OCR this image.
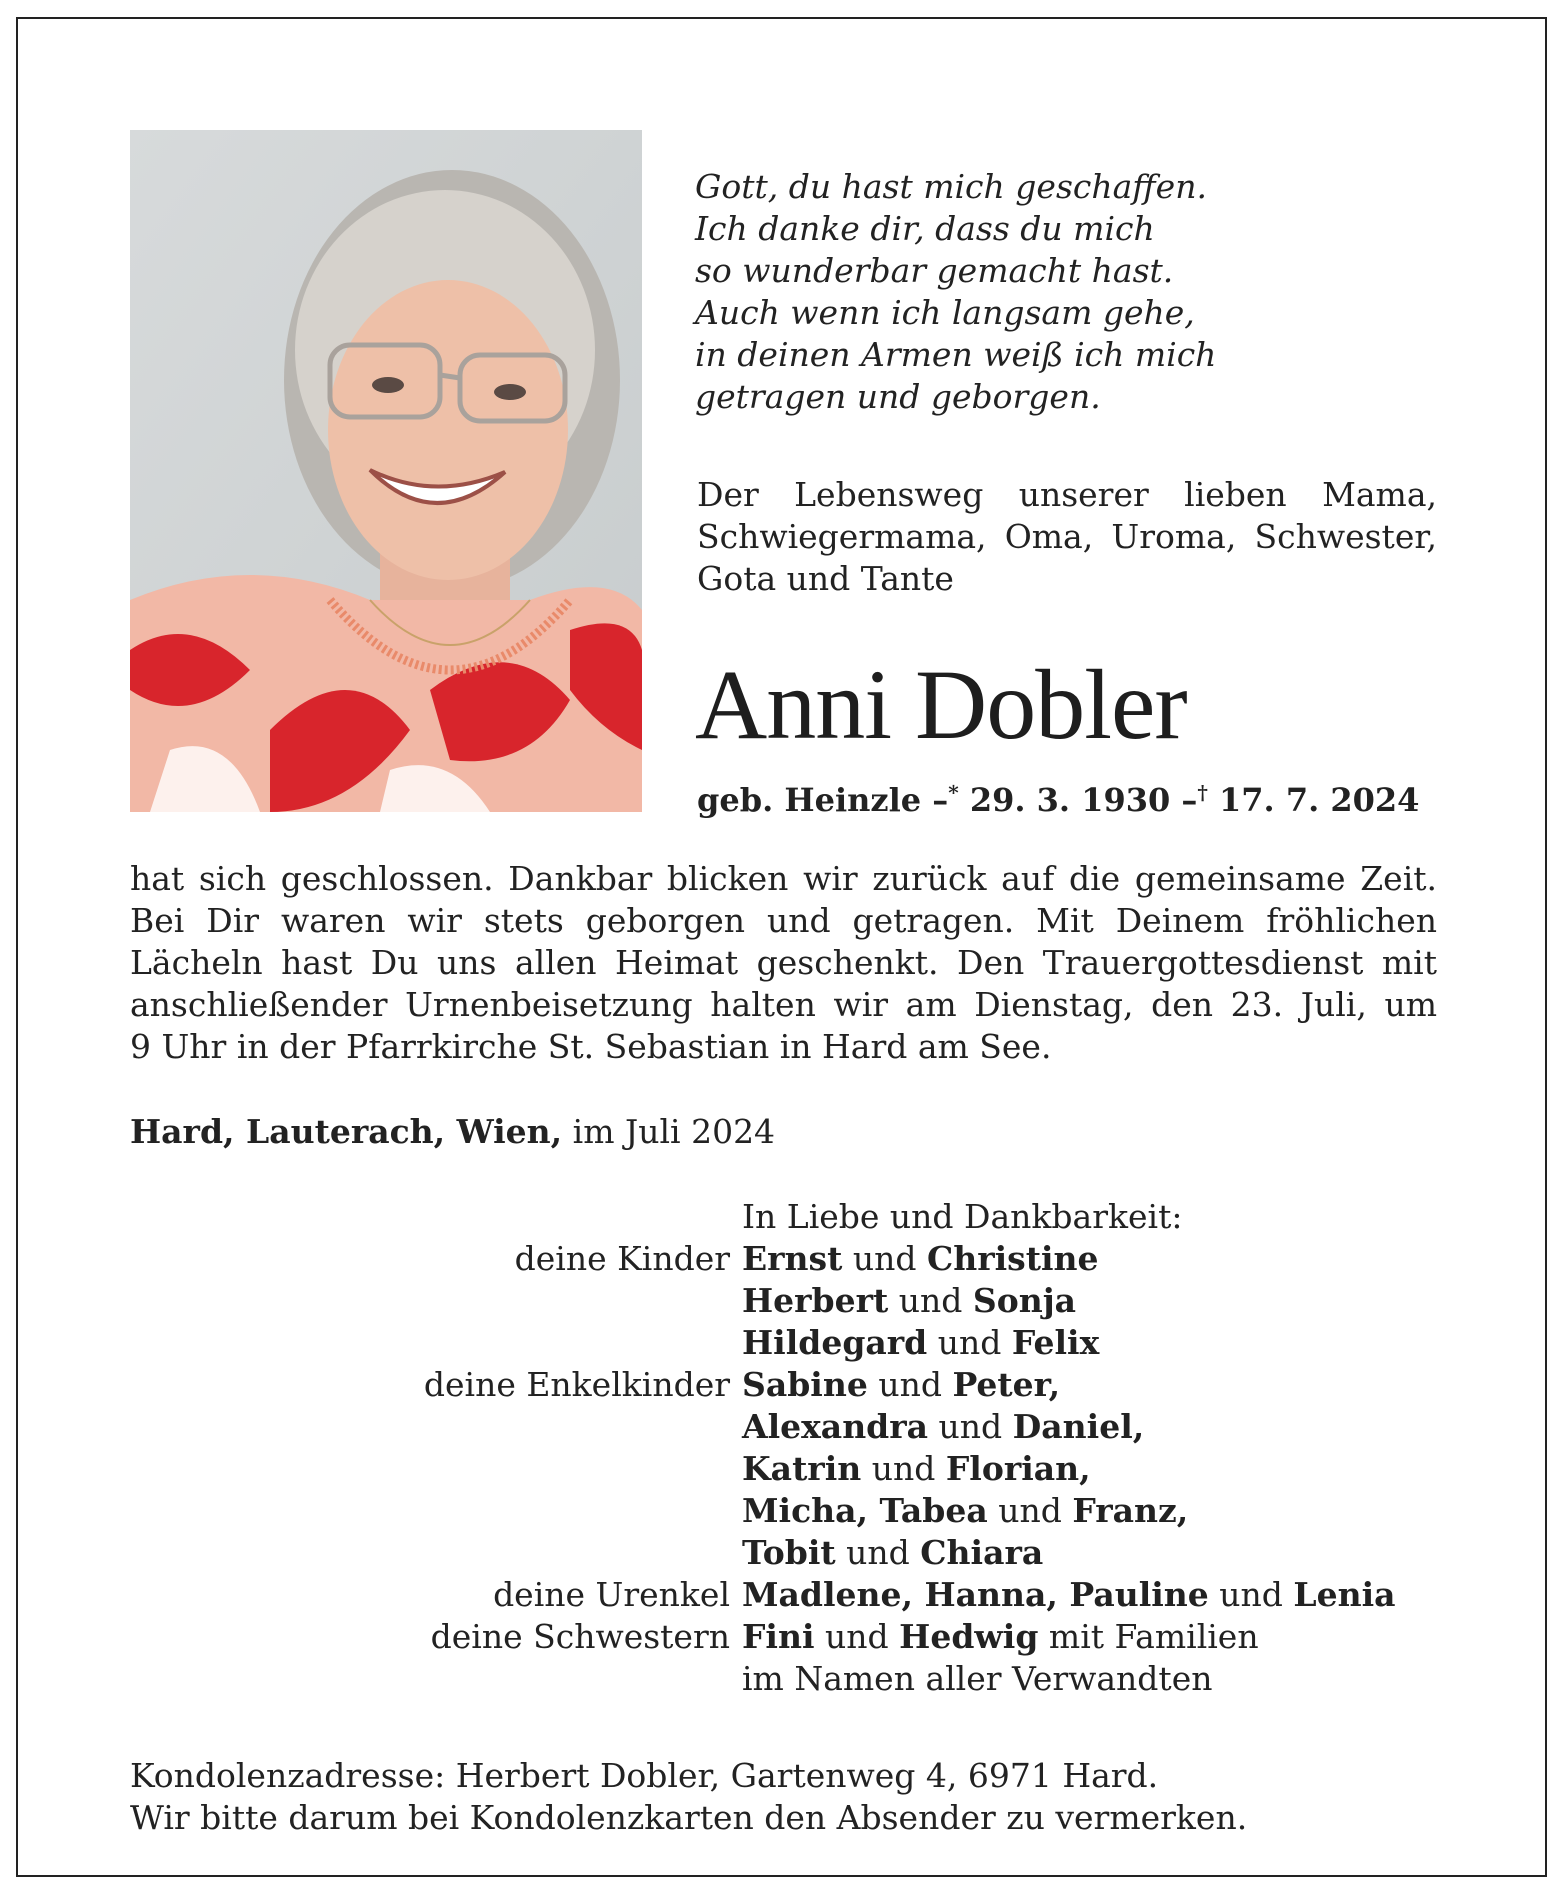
Gott, du hast mich geschaffen.
Ich danke dir, dass du mich
so wunderbar gemacht hast.
Auch wenn ich langsam gehe,
in deinen Armen weiß ich mich
getragen und geborgen.
Der Lebensweg unserer lieben Mama,
Schwiegermama, Oma, Uroma, Schwester,
Gota und Tante
Anni Dobler
geb. Heinzle –* 29. 3. 1930 –† 17. 7. 2024
hat sich geschlossen. Dankbar blicken wir zurück auf die gemeinsame Zeit.
Bei Dir waren wir stets geborgen und getragen. Mit Deinem fröhlichen
Lächeln hast Du uns allen Heimat geschenkt. Den Trauergottesdienst mit
anschließender Urnenbeisetzung halten wir am Dienstag, den 23. Juli, um
9 Uhr in der Pfarrkirche St. Sebastian in Hard am See.
Hard, Lauterach, Wien, im Juli 2024
In Liebe und Dankbarkeit:
deine Kinder Ernst und Christine
Herbert und Sonja
Hildegard und Felix
deine Enkelkinder Sabine und Peter,
Alexandra und Daniel,
Katrin und Florian,
Micha, Tabea und Franz,
Tobit und Chiara
deine Urenkel Madlene, Hanna, Pauline und Lenia
deine Schwestern Fini und Hedwig mit Familien
im Namen aller Verwandten
Kondolenzadresse: Herbert Dobler, Gartenweg 4, 6971 Hard.
Wir bitte darum bei Kondolenzkarten den Absender zu vermerken.
